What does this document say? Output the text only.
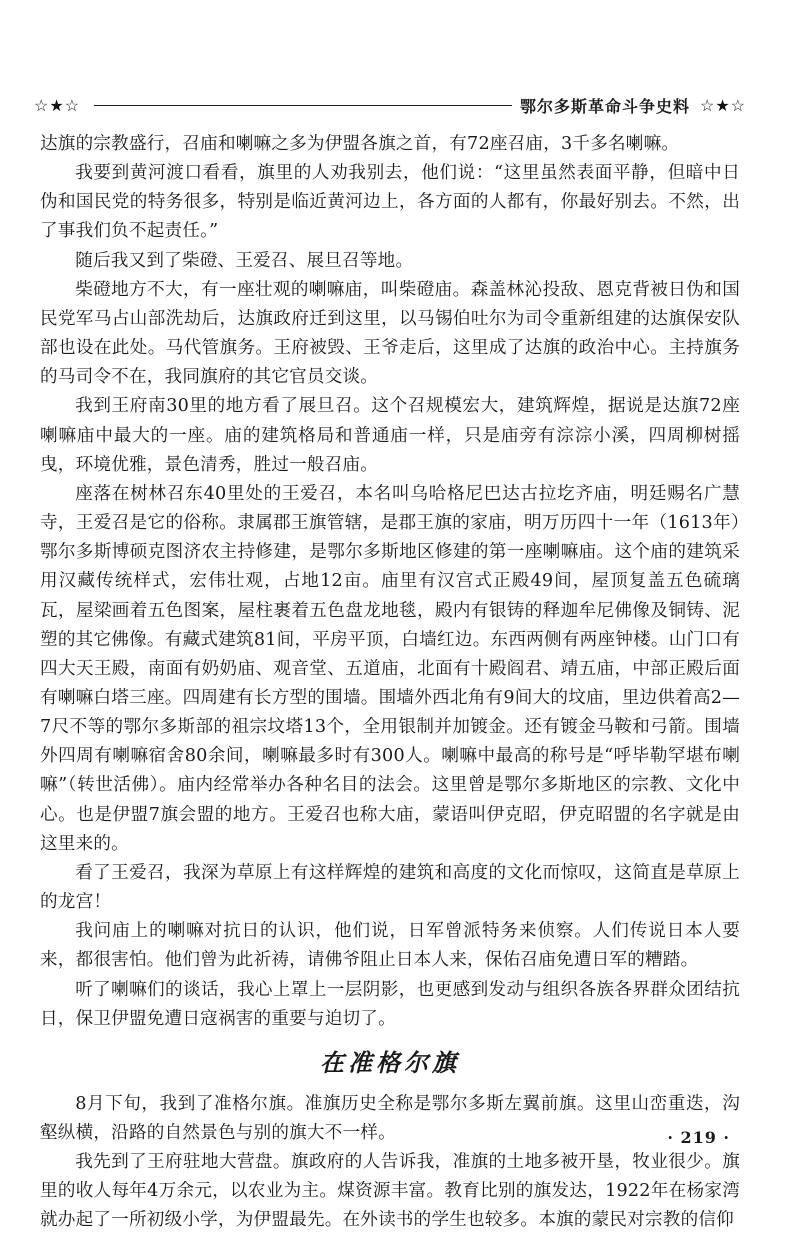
☆★☆	鄂尔多斯革命斗争史料 ☆★☆

达旗的宗教盛行，召庙和喇嘛之多为伊盟各旗之首，有72座召庙，3千多名喇嘛。

我要到黄河渡口看看，旗里的人劝我别去，他们说：“这里虽然表面平静，但暗中日伪和国民党的特务很多，特别是临近黄河边上，各方面的人都有，你最好别去。不然，出了事我们负不起责任。”

随后我又到了柴磴、王爱召、展旦召等地。

柴磴地方不大，有一座壮观的喇嘛庙，叫柴磴庙。森盖林沁投敌、恩克背被日伪和国民党军马占山部洗劫后，达旗政府迁到这里，以马锡伯吐尔为司令重新组建的达旗保安队部也设在此处。马代管旗务。王府被毁、王爷走后，这里成了达旗的政治中心。主持旗务的马司令不在，我同旗府的其它官员交谈。

我到王府南30里的地方看了展旦召。这个召规模宏大，建筑辉煌，据说是达旗72座喇嘛庙中最大的一座。庙的建筑格局和普通庙一样，只是庙旁有淙淙小溪，四周柳树摇曳，环境优雅，景色清秀，胜过一般召庙。

座落在树林召东40里处的王爱召，本名叫乌哈格尼巴达古拉圪齐庙，明廷赐名广慧寺，王爱召是它的俗称。隶属郡王旗管辖，是郡王旗的家庙，明万历四十一年（1613年）鄂尔多斯博硕克图济农主持修建，是鄂尔多斯地区修建的第一座喇嘛庙。这个庙的建筑采用汉藏传统样式，宏伟壮观，占地12亩。庙里有汉宫式正殿49间，屋顶复盖五色硫璃瓦，屋梁画着五色图案，屋柱裹着五色盘龙地毯，殿内有银铸的释迦牟尼佛像及铜铸、泥塑的其它佛像。有藏式建筑81间，平房平顶，白墙红边。东西两侧有两座钟楼。山门口有四大天王殿，南面有奶奶庙、观音堂、五道庙，北面有十殿阎君、靖五庙，中部正殿后面有喇嘛白塔三座。四周建有长方型的围墙。围墙外西北角有9间大的坟庙，里边供着高2—7尺不等的鄂尔多斯部的祖宗坟塔13个，全用银制并加镀金。还有镀金马鞍和弓箭。围墙外四周有喇嘛宿舍80余间，喇嘛最多时有300人。喇嘛中最高的称号是“呼毕勒罕堪布喇嘛”（转世活佛）。庙内经常举办各种名目的法会。这里曾是鄂尔多斯地区的宗教、文化中心。也是伊盟7旗会盟的地方。王爱召也称大庙，蒙语叫伊克昭，伊克昭盟的名字就是由这里来的。

看了王爱召，我深为草原上有这样辉煌的建筑和高度的文化而惊叹，这简直是草原上的龙宫！

我问庙上的喇嘛对抗日的认识，他们说，日军曾派特务来侦察。人们传说日本人要来，都很害怕。他们曾为此祈祷，请佛爷阻止日本人来，保佑召庙免遭日军的糟踏。

听了喇嘛们的谈话，我心上罩上一层阴影，也更感到发动与组织各族各界群众团结抗日，保卫伊盟免遭日寇祸害的重要与迫切了。

在准格尔旗

8月下旬，我到了准格尔旗。准旗历史全称是鄂尔多斯左翼前旗。这里山峦重迭，沟壑纵横，沿路的自然景色与别的旗大不一样。

我先到了王府驻地大营盘。旗政府的人告诉我，准旗的土地多被开垦，牧业很少。旗里的收人每年4万余元，以农业为主。煤资源丰富。教育比别的旗发达，1922年在杨家湾就办起了一所初级小学，为伊盟最先。在外读书的学生也较多。本旗的蒙民对宗教的信仰

· 219 ·
